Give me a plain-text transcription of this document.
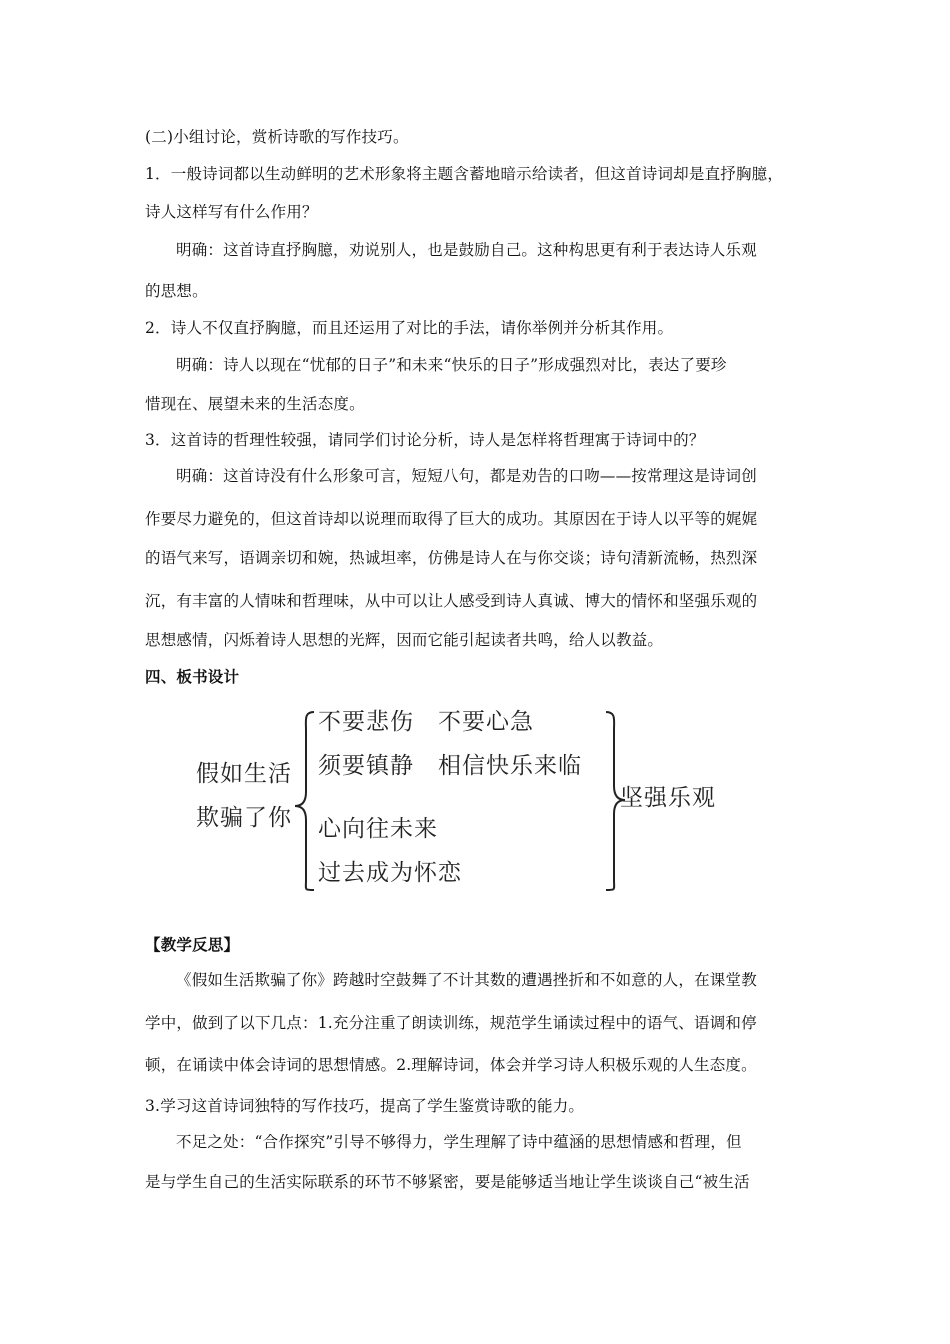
(二)小组讨论，赏析诗歌的写作技巧。
1．一般诗词都以生动鲜明的艺术形象将主题含蓄地暗示给读者，但这首诗词却是直抒胸臆，
诗人这样写有什么作用？
明确：这首诗直抒胸臆，劝说别人，也是鼓励自己。这种构思更有利于表达诗人乐观
的思想。
2．诗人不仅直抒胸臆，而且还运用了对比的手法，请你举例并分析其作用。
明确：诗人以现在“忧郁的日子”和未来“快乐的日子”形成强烈对比，表达了要珍
惜现在、展望未来的生活态度。
3．这首诗的哲理性较强，请同学们讨论分析，诗人是怎样将哲理寓于诗词中的？
明确：这首诗没有什么形象可言，短短八句，都是劝告的口吻——按常理这是诗词创
作要尽力避免的，但这首诗却以说理而取得了巨大的成功。其原因在于诗人以平等的娓娓
的语气来写，语调亲切和婉，热诚坦率，仿佛是诗人在与你交谈；诗句清新流畅，热烈深
沉，有丰富的人情味和哲理味，从中可以让人感受到诗人真诚、博大的情怀和坚强乐观的
思想感情，闪烁着诗人思想的光辉，因而它能引起读者共鸣，给人以教益。
四、板书设计
假如生活
欺骗了你
不要悲伤　不要心急
须要镇静　相信快乐来临
心向往未来
过去成为怀恋
坚强乐观
【教学反思】
《假如生活欺骗了你》跨越时空鼓舞了不计其数的遭遇挫折和不如意的人，在课堂教
学中，做到了以下几点：1.充分注重了朗读训练，规范学生诵读过程中的语气、语调和停
顿，在诵读中体会诗词的思想情感。2.理解诗词，体会并学习诗人积极乐观的人生态度。
3.学习这首诗词独特的写作技巧，提高了学生鉴赏诗歌的能力。
不足之处：“合作探究”引导不够得力，学生理解了诗中蕴涵的思想情感和哲理，但
是与学生自己的生活实际联系的环节不够紧密，要是能够适当地让学生谈谈自己“被生活
